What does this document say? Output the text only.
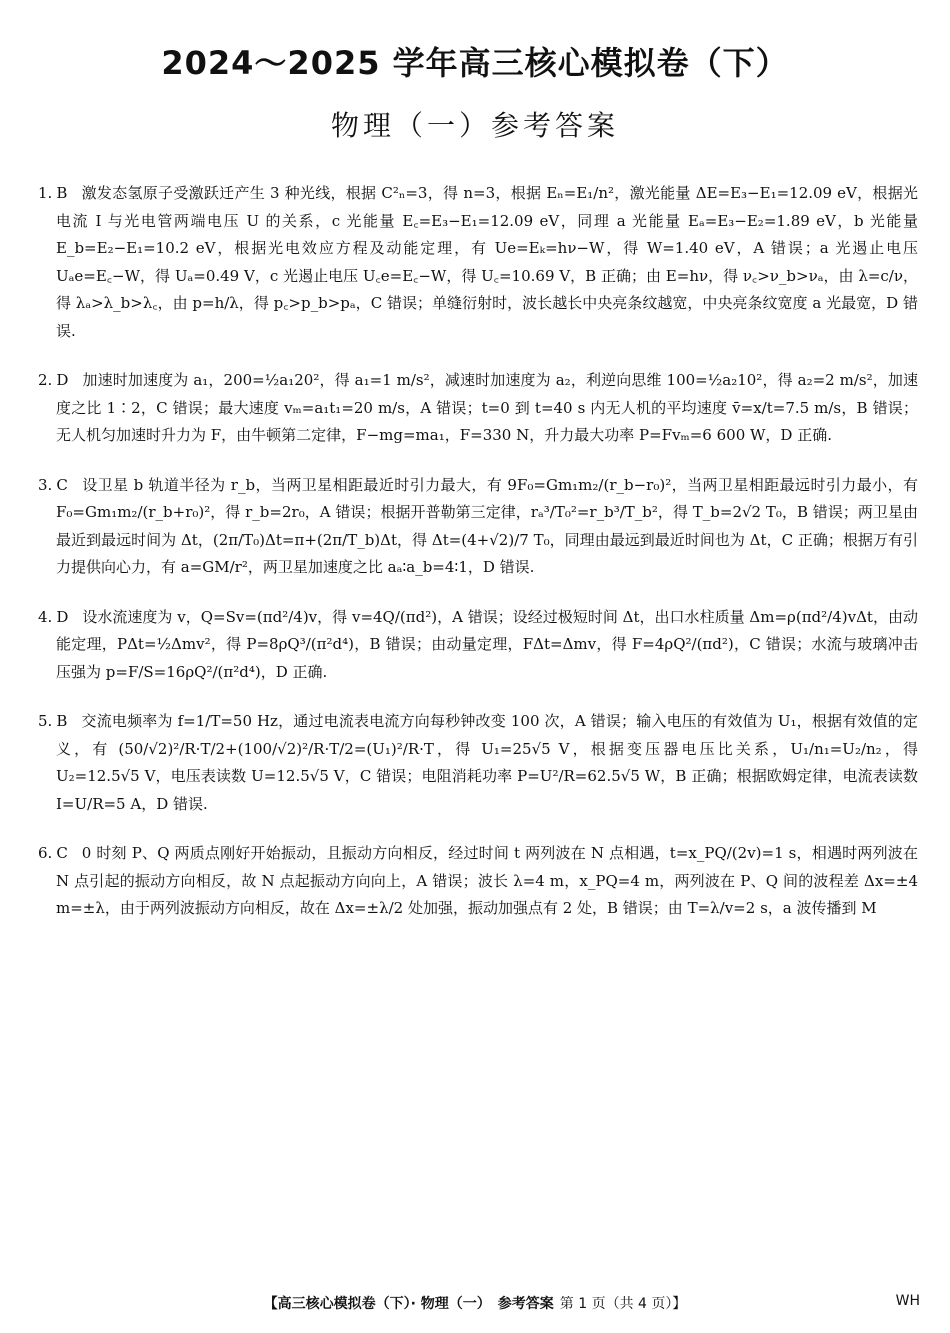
2024～2025 学年高三核心模拟卷（下）
物理（一）参考答案
1. B 激发态氢原子受激跃迁产生 3 种光线，根据 C²ₙ=3，得 n=3，根据 Eₙ=E₁/n²，激光能量 ΔE=E₃−E₁=12.09 eV，根据光电流 I 与光电管两端电压 U 的关系，c 光能量 E꜀=E₃−E₁=12.09 eV，同理 a 光能量 Eₐ=E₃−E₂=1.89 eV，b 光能量 E_b=E₂−E₁=10.2 eV，根据光电效应方程及动能定理，有 Ue=Eₖ=hν−W，得 W=1.40 eV，A 错误；a 光遏止电压 Uₐe=E꜀−W，得 Uₐ=0.49 V，c 光遏止电压 U꜀e=E꜀−W，得 U꜀=10.69 V，B 正确；由 E=hν，得 ν꜀>ν_b>νₐ，由 λ=c/ν，得 λₐ>λ_b>λ꜀，由 p=h/λ，得 p꜀>p_b>pₐ，C 错误；单缝衍射时，波长越长中央亮条纹越宽，中央亮条纹宽度 a 光最宽，D 错误.
2. D 加速时加速度为 a₁，200=½a₁20²，得 a₁=1 m/s²，减速时加速度为 a₂，利逆向思维 100=½a₂10²，得 a₂=2 m/s²，加速度之比 1∶2，C 错误；最大速度 vₘ=a₁t₁=20 m/s，A 错误；t=0 到 t=40 s 内无人机的平均速度 v̄=x/t=7.5 m/s，B 错误；无人机匀加速时升力为 F，由牛顿第二定律，F−mg=ma₁，F=330 N，升力最大功率 P=Fvₘ=6 600 W，D 正确.
3. C 设卫星 b 轨道半径为 r_b，当两卫星相距最近时引力最大，有 9F₀=Gm₁m₂/(r_b−r₀)²，当两卫星相距最远时引力最小，有 F₀=Gm₁m₂/(r_b+r₀)²，得 r_b=2r₀，A 错误；根据开普勒第三定律，rₐ³/T₀²=r_b³/T_b²，得 T_b=2√2 T₀，B 错误；两卫星由最近到最远时间为 Δt，(2π/T₀)Δt=π+(2π/T_b)Δt，得 Δt=(4+√2)/7 T₀，同理由最远到最近时间也为 Δt，C 正确；根据万有引力提供向心力，有 a=GM/r²，两卫星加速度之比 aₐ∶a_b=4∶1，D 错误.
4. D 设水流速度为 v，Q=Sv=(πd²/4)v，得 v=4Q/(πd²)，A 错误；设经过极短时间 Δt，出口水柱质量 Δm=ρ(πd²/4)vΔt，由动能定理，PΔt=½Δmv²，得 P=8ρQ³/(π²d⁴)，B 错误；由动量定理，FΔt=Δmv，得 F=4ρQ²/(πd²)，C 错误；水流与玻璃冲击压强为 p=F/S=16ρQ²/(π²d⁴)，D 正确.
5. B 交流电频率为 f=1/T=50 Hz，通过电流表电流方向每秒钟改变 100 次，A 错误；输入电压的有效值为 U₁，根据有效值的定义，有 (50/√2)²/R·T/2+(100/√2)²/R·T/2=(U₁)²/R·T，得 U₁=25√5 V，根据变压器电压比关系，U₁/n₁=U₂/n₂，得 U₂=12.5√5 V，电压表读数 U=12.5√5 V，C 错误；电阻消耗功率 P=U²/R=62.5√5 W，B 正确；根据欧姆定律，电流表读数 I=U/R=5 A，D 错误.
6. C 0 时刻 P、Q 两质点刚好开始振动，且振动方向相反，经过时间 t 两列波在 N 点相遇，t=x_PQ/(2v)=1 s，相遇时两列波在 N 点引起的振动方向相反，故 N 点起振动方向向上，A 错误；波长 λ=4 m，x_PQ=4 m，两列波在 P、Q 间的波程差 Δx=±4 m=±λ，由于两列波振动方向相反，故在 Δx=±λ/2 处加强，振动加强点有 2 处，B 错误；由 T=λ/v=2 s，a 波传播到 M
【高三核心模拟卷（下）· 物理（一）　参考答案 第 1 页（共 4 页）】	WH
